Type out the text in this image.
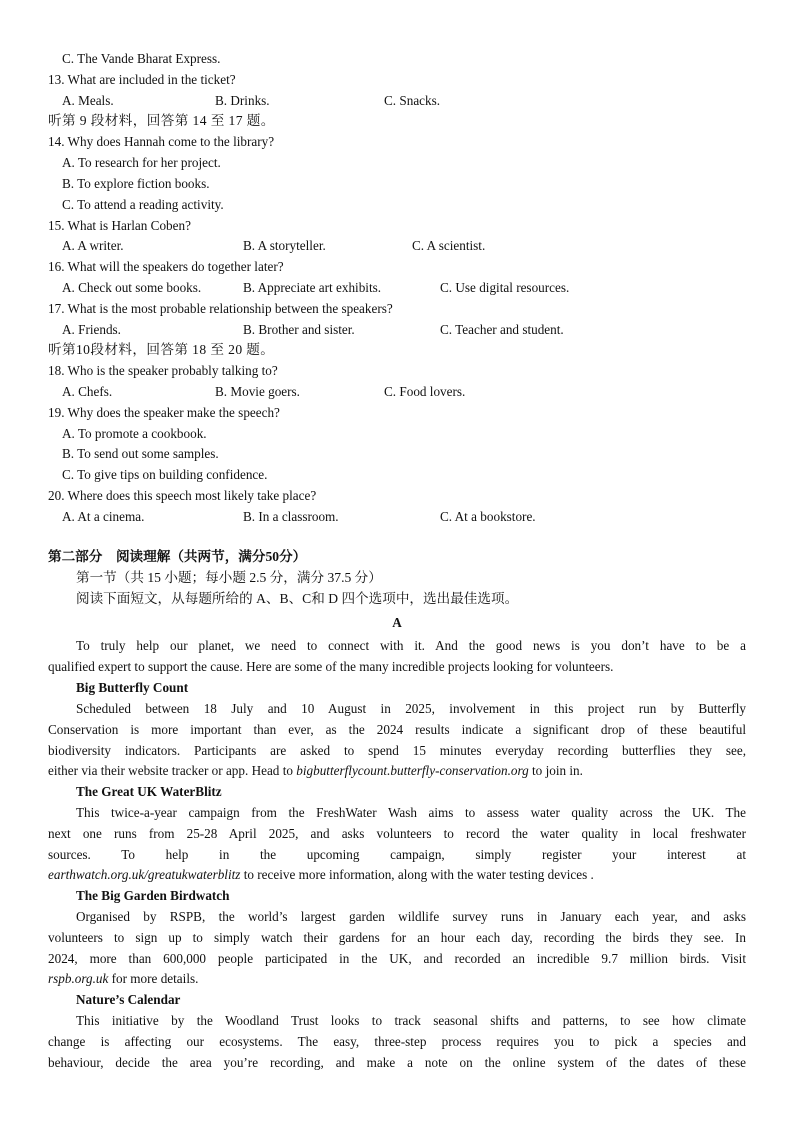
C. The Vande Bharat Express.
13. What are included in the ticket?
A. Meals.	B. Drinks.	C. Snacks.
听第 9 段材料，回答第 14 至 17 题。
14. Why does Hannah come to the library?
A. To research for her project.
B. To explore fiction books.
C. To attend a reading activity.
15. What is Harlan Coben?
A. A writer.	B. A storyteller.	C. A scientist.
16. What will the speakers do together later?
A. Check out some books.	B. Appreciate art exhibits.	C. Use digital resources.
17. What is the most probable relationship between the speakers?
A. Friends.	B. Brother and sister.	C. Teacher and student.
听第10段材料，回答第 18 至 20 题。
18. Who is the speaker probably talking to?
A. Chefs.	B. Movie goers.	C. Food lovers.
19. Why does the speaker make the speech?
A. To promote a cookbook.
B. To send out some samples.
C. To give tips on building confidence.
20. Where does this speech most likely take place?
A. At a cinema.	B. In a classroom.	C. At a bookstore.
第二部分　阅读理解（共两节，满分50分）
第一节（共 15 小题；每小题 2.5 分，满分 37.5 分）
阅读下面短文，从每题所给的 A、B、C和 D 四个选项中，选出最佳选项。
A
To truly help our planet, we need to connect with it. And the good news is you don’t have to be a
qualified expert to support the cause. Here are some of the many incredible projects looking for volunteers.
Big Butterfly Count
Scheduled between 18 July and 10 August in 2025, involvement in this project run by Butterfly
Conservation is more important than ever, as the 2024 results indicate a significant drop of these beautiful
biodiversity indicators. Participants are asked to spend 15 minutes everyday recording butterflies they see,
either via their website tracker or app. Head to bigbutterflycount.butterfly-conservation.org to join in.
The Great UK WaterBlitz
This twice-a-year campaign from the FreshWater Wash aims to assess water quality across the UK. The
next one runs from 25-28 April 2025, and asks volunteers to record the water quality in local freshwater
sources. To help in the upcoming campaign, simply register your interest at
earthwatch.org.uk/greatukwaterblitz to receive more information, along with the water testing devices .
The Big Garden Birdwatch
Organised by RSPB, the world’s largest garden wildlife survey runs in January each year, and asks
volunteers to sign up to simply watch their gardens for an hour each day, recording the birds they see. In
2024, more than 600,000 people participated in the UK, and recorded an incredible 9.7 million birds. Visit
rspb.org.uk for more details.
Nature’s Calendar
This initiative by the Woodland Trust looks to track seasonal shifts and patterns, to see how climate
change is affecting our ecosystems. The easy, three-step process requires you to pick a species and
behaviour, decide the area you’re recording, and make a note on the online system of the dates of these
